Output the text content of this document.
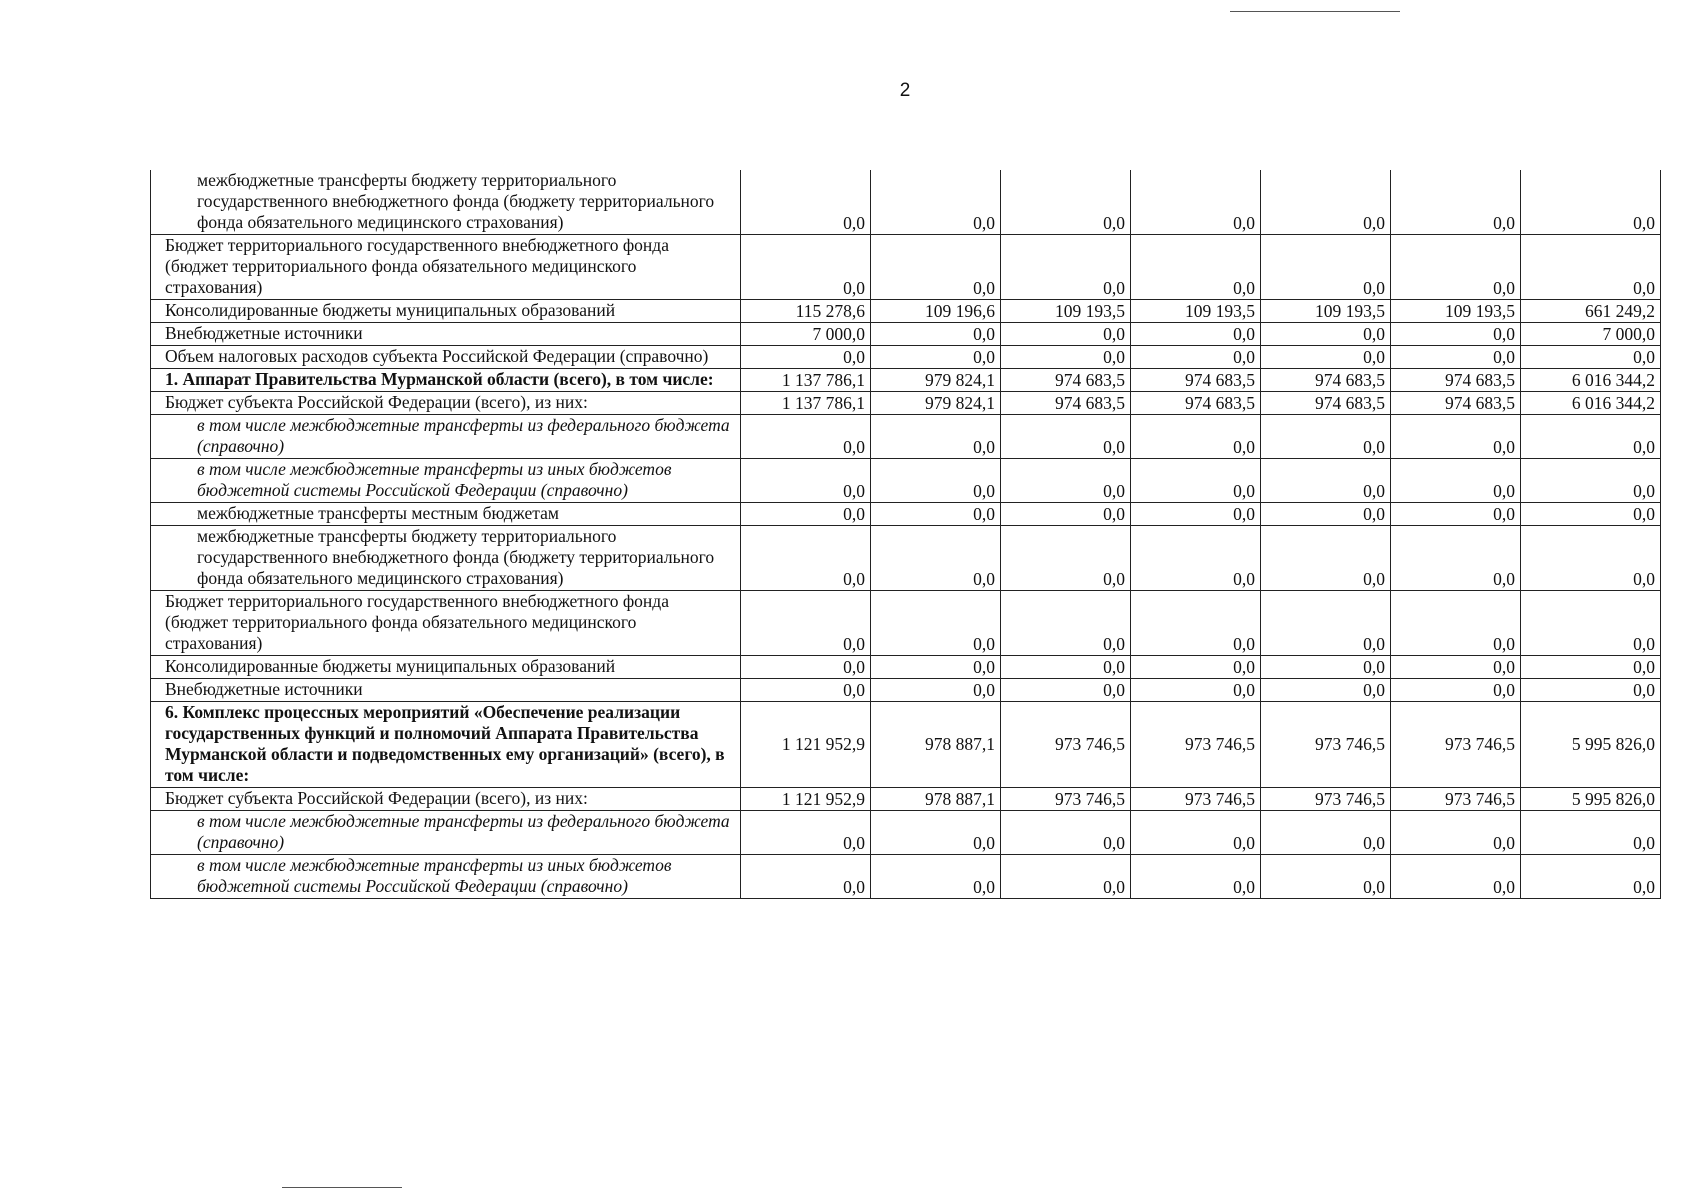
2
межбюджетные трансферты бюджету территориального государственного внебюджетного фонда (бюджету территориального фонда обязательного медицинского страхования)	0,0	0,0	0,0	0,0	0,0	0,0	0,0
Бюджет территориального государственного внебюджетного фонда (бюджет территориального фонда обязательного медицинского страхования)	0,0	0,0	0,0	0,0	0,0	0,0	0,0
Консолидированные бюджеты муниципальных образований	115 278,6	109 196,6	109 193,5	109 193,5	109 193,5	109 193,5	661 249,2
Внебюджетные источники	7 000,0	0,0	0,0	0,0	0,0	0,0	7 000,0
Объем налоговых расходов субъекта Российской Федерации (справочно)	0,0	0,0	0,0	0,0	0,0	0,0	0,0
1. Аппарат Правительства Мурманской области (всего), в том числе:	1 137 786,1	979 824,1	974 683,5	974 683,5	974 683,5	974 683,5	6 016 344,2
Бюджет субъекта Российской Федерации (всего), из них:	1 137 786,1	979 824,1	974 683,5	974 683,5	974 683,5	974 683,5	6 016 344,2
в том числе межбюджетные трансферты из федерального бюджета (справочно)	0,0	0,0	0,0	0,0	0,0	0,0	0,0
в том числе межбюджетные трансферты из иных бюджетов бюджетной системы Российской Федерации (справочно)	0,0	0,0	0,0	0,0	0,0	0,0	0,0
межбюджетные трансферты местным бюджетам	0,0	0,0	0,0	0,0	0,0	0,0	0,0
межбюджетные трансферты бюджету территориального государственного внебюджетного фонда (бюджету территориального фонда обязательного медицинского страхования)	0,0	0,0	0,0	0,0	0,0	0,0	0,0
Бюджет территориального государственного внебюджетного фонда (бюджет территориального фонда обязательного медицинского страхования)	0,0	0,0	0,0	0,0	0,0	0,0	0,0
Консолидированные бюджеты муниципальных образований	0,0	0,0	0,0	0,0	0,0	0,0	0,0
Внебюджетные источники	0,0	0,0	0,0	0,0	0,0	0,0	0,0
6. Комплекс процессных мероприятий «Обеспечение реализации государственных функций и полномочий Аппарата Правительства Мурманской области и подведомственных ему организаций» (всего), в том числе:	1 121 952,9	978 887,1	973 746,5	973 746,5	973 746,5	973 746,5	5 995 826,0
Бюджет субъекта Российской Федерации (всего), из них:	1 121 952,9	978 887,1	973 746,5	973 746,5	973 746,5	973 746,5	5 995 826,0
в том числе межбюджетные трансферты из федерального бюджета (справочно)	0,0	0,0	0,0	0,0	0,0	0,0	0,0
в том числе межбюджетные трансферты из иных бюджетов бюджетной системы Российской Федерации (справочно)	0,0	0,0	0,0	0,0	0,0	0,0	0,0
